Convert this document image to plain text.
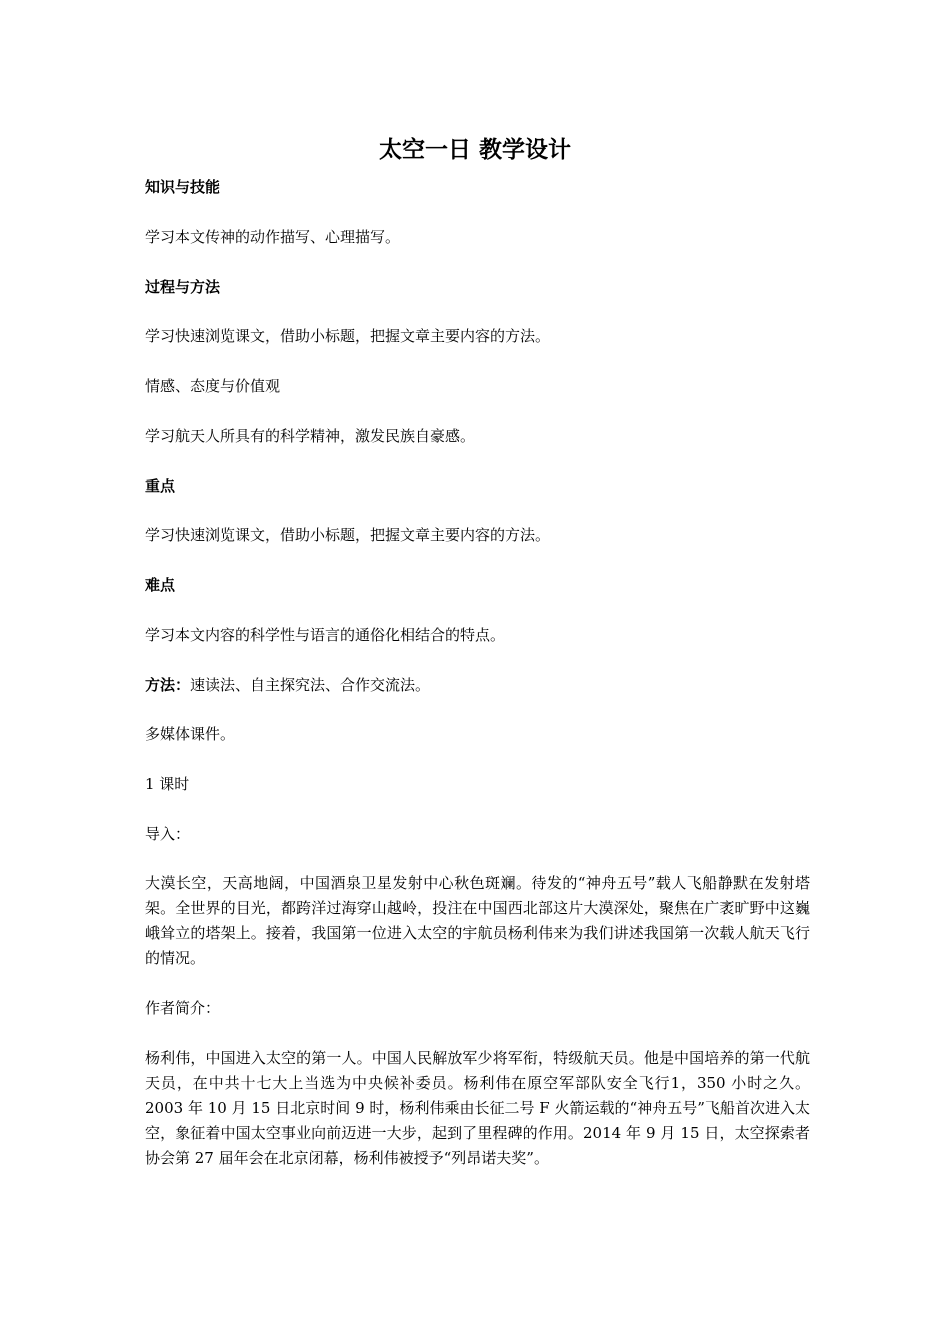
太空一日 教学设计

知识与技能

学习本文传神的动作描写、心理描写。

过程与方法

学习快速浏览课文，借助小标题，把握文章主要内容的方法。

情感、态度与价值观

学习航天人所具有的科学精神，激发民族自豪感。

重点

学习快速浏览课文，借助小标题，把握文章主要内容的方法。

难点

学习本文内容的科学性与语言的通俗化相结合的特点。

方法：速读法、自主探究法、合作交流法。

多媒体课件。

1 课时

导入：

大漠长空，天高地阔，中国酒泉卫星发射中心秋色斑斓。待发的“神舟五号”载人飞船静默在发射塔架。全世界的目光，都跨洋过海穿山越岭，投注在中国西北部这片大漠深处，聚焦在广袤旷野中这巍峨耸立的塔架上。接着，我国第一位进入太空的宇航员杨利伟来为我们讲述我国第一次载人航天飞行的情况。

作者简介：

杨利伟，中国进入太空的第一人。中国人民解放军少将军衔，特级航天员。他是中国培养的第一代航天员，在中共十七大上当选为中央候补委员。杨利伟在原空军部队安全飞行1，350 小时之久。2003 年 10 月 15 日北京时间 9 时，杨利伟乘由长征二号 F 火箭运载的“神舟五号”飞船首次进入太空，象征着中国太空事业向前迈进一大步，起到了里程碑的作用。2014 年 9 月 15 日，太空探索者协会第 27 届年会在北京闭幕，杨利伟被授予“列昂诺夫奖”。
